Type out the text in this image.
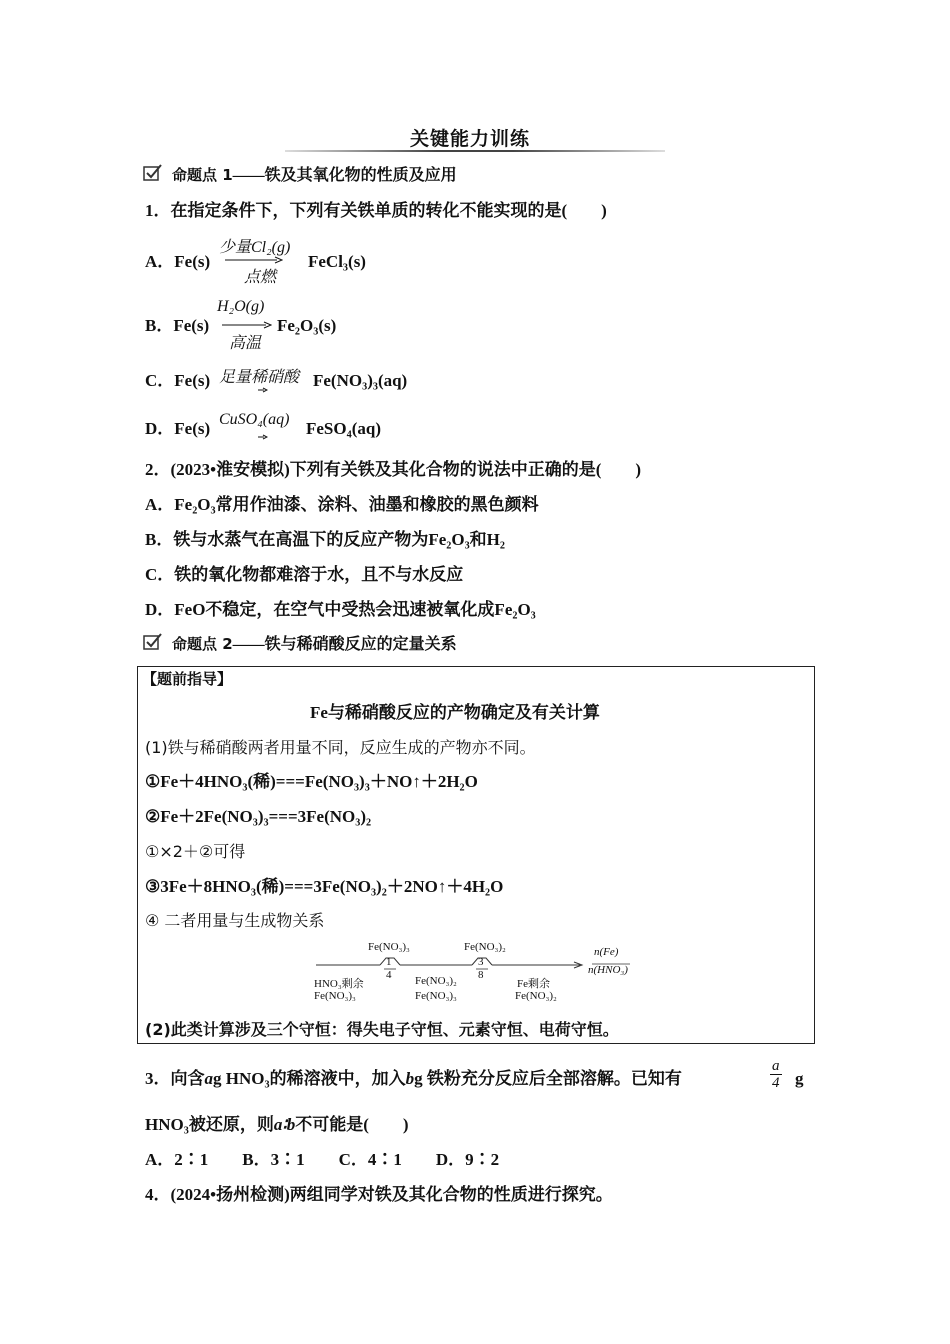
关键能力训练
命题点 1——铁及其氧化物的性质及应用
1．在指定条件下，下列有关铁单质的转化不能实现的是(　　)
A．Fe(s)
少量Cl₂(g)
点燃
FeCl₃(s)
B．Fe(s)
H₂O(g)
高温
Fe₂O₃(s)
C．Fe(s) 足量稀硝酸 Fe(NO₃)₃(aq)
D．Fe(s) CuSO₄(aq) FeSO₄(aq)
2．(2023•淮安模拟)下列有关铁及其化合物的说法中正确的是(　　)
A．Fe₂O₃常用作油漆、涂料、油墨和橡胶的黑色颜料
B．铁与水蒸气在高温下的反应产物为Fe₂O₃和H₂
C．铁的氧化物都难溶于水，且不与水反应
D．FeO不稳定，在空气中受热会迅速被氧化成Fe₂O₃
命题点 2——铁与稀硝酸反应的定量关系
【题前指导】
Fe与稀硝酸反应的产物确定及有关计算
(1)铁与稀硝酸两者用量不同，反应生成的产物亦不同。
①Fe＋4HNO₃(稀)===Fe(NO₃)₃＋NO↑＋2H₂O
②Fe＋2Fe(NO₃)₃===3Fe(NO₃)₂
①×2＋②可得
③3Fe＋8HNO₃(稀)===3Fe(NO₃)₂＋2NO↑＋4H₂O
④ 二者用量与生成物关系
Fe(NO₃)₃	Fe(NO₃)₂
1
4
3
8
n(Fe)
n(HNO₃)
HNO₃剩余
Fe(NO₃)₃
Fe(NO₃)₂
Fe(NO₃)₃
Fe剩余
Fe(NO₃)₂
(2)此类计算涉及三个守恒：得失电子守恒、元素守恒、电荷守恒。
3．向含ag HNO₃的稀溶液中，加入bg 铁粉充分反应后全部溶解。已知有	$\frac{a}{4}$ g
HNO₃被还原，则a∶b不可能是(　　)
A．2∶1　　B．3∶1　　C．4∶1　　D．9∶2
4．(2024•扬州检测)两组同学对铁及其化合物的性质进行探究。
